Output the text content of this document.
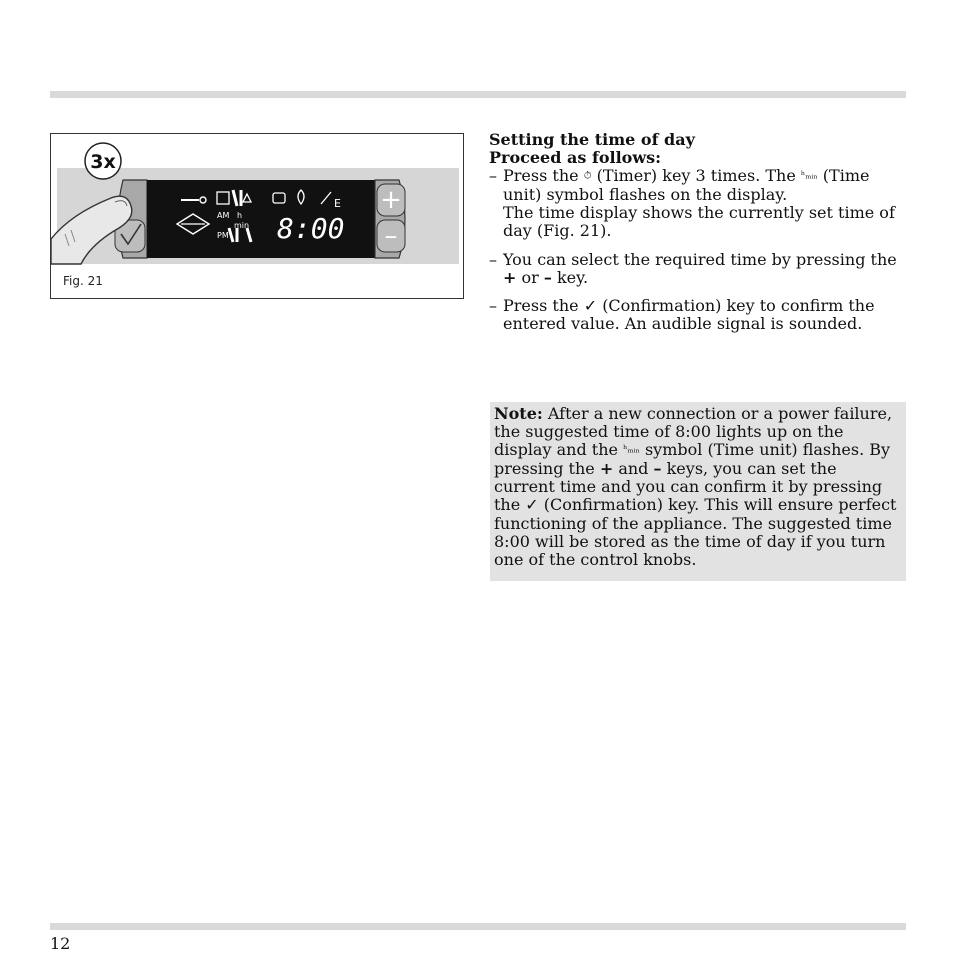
E
AM
PM
h
min 8:00
+
–
3x
Fig. 21
Setting the time of day
Proceed as follows:
– Press the ⏱ (Timer) key 3 times. The ʰₘᵢₙ (Time unit) symbol flashes on the display.
The time display shows the currently set time of day (Fig. 21).
– You can select the required time by pressing the + or – key.
– Press the ✓ (Confirmation) key to confirm the entered value. An audible signal is sounded.
Note: After a new connection or a power failure, the suggested time of 8:00 lights up on the display and the ʰₘᵢₙ symbol (Time unit) flashes. By pressing the + and – keys, you can set the current time and you can confirm it by pressing the ✓ (Confirmation) key. This will ensure perfect functioning of the appliance. The suggested time 8:00 will be stored as the time of day if you turn one of the control knobs.
12
